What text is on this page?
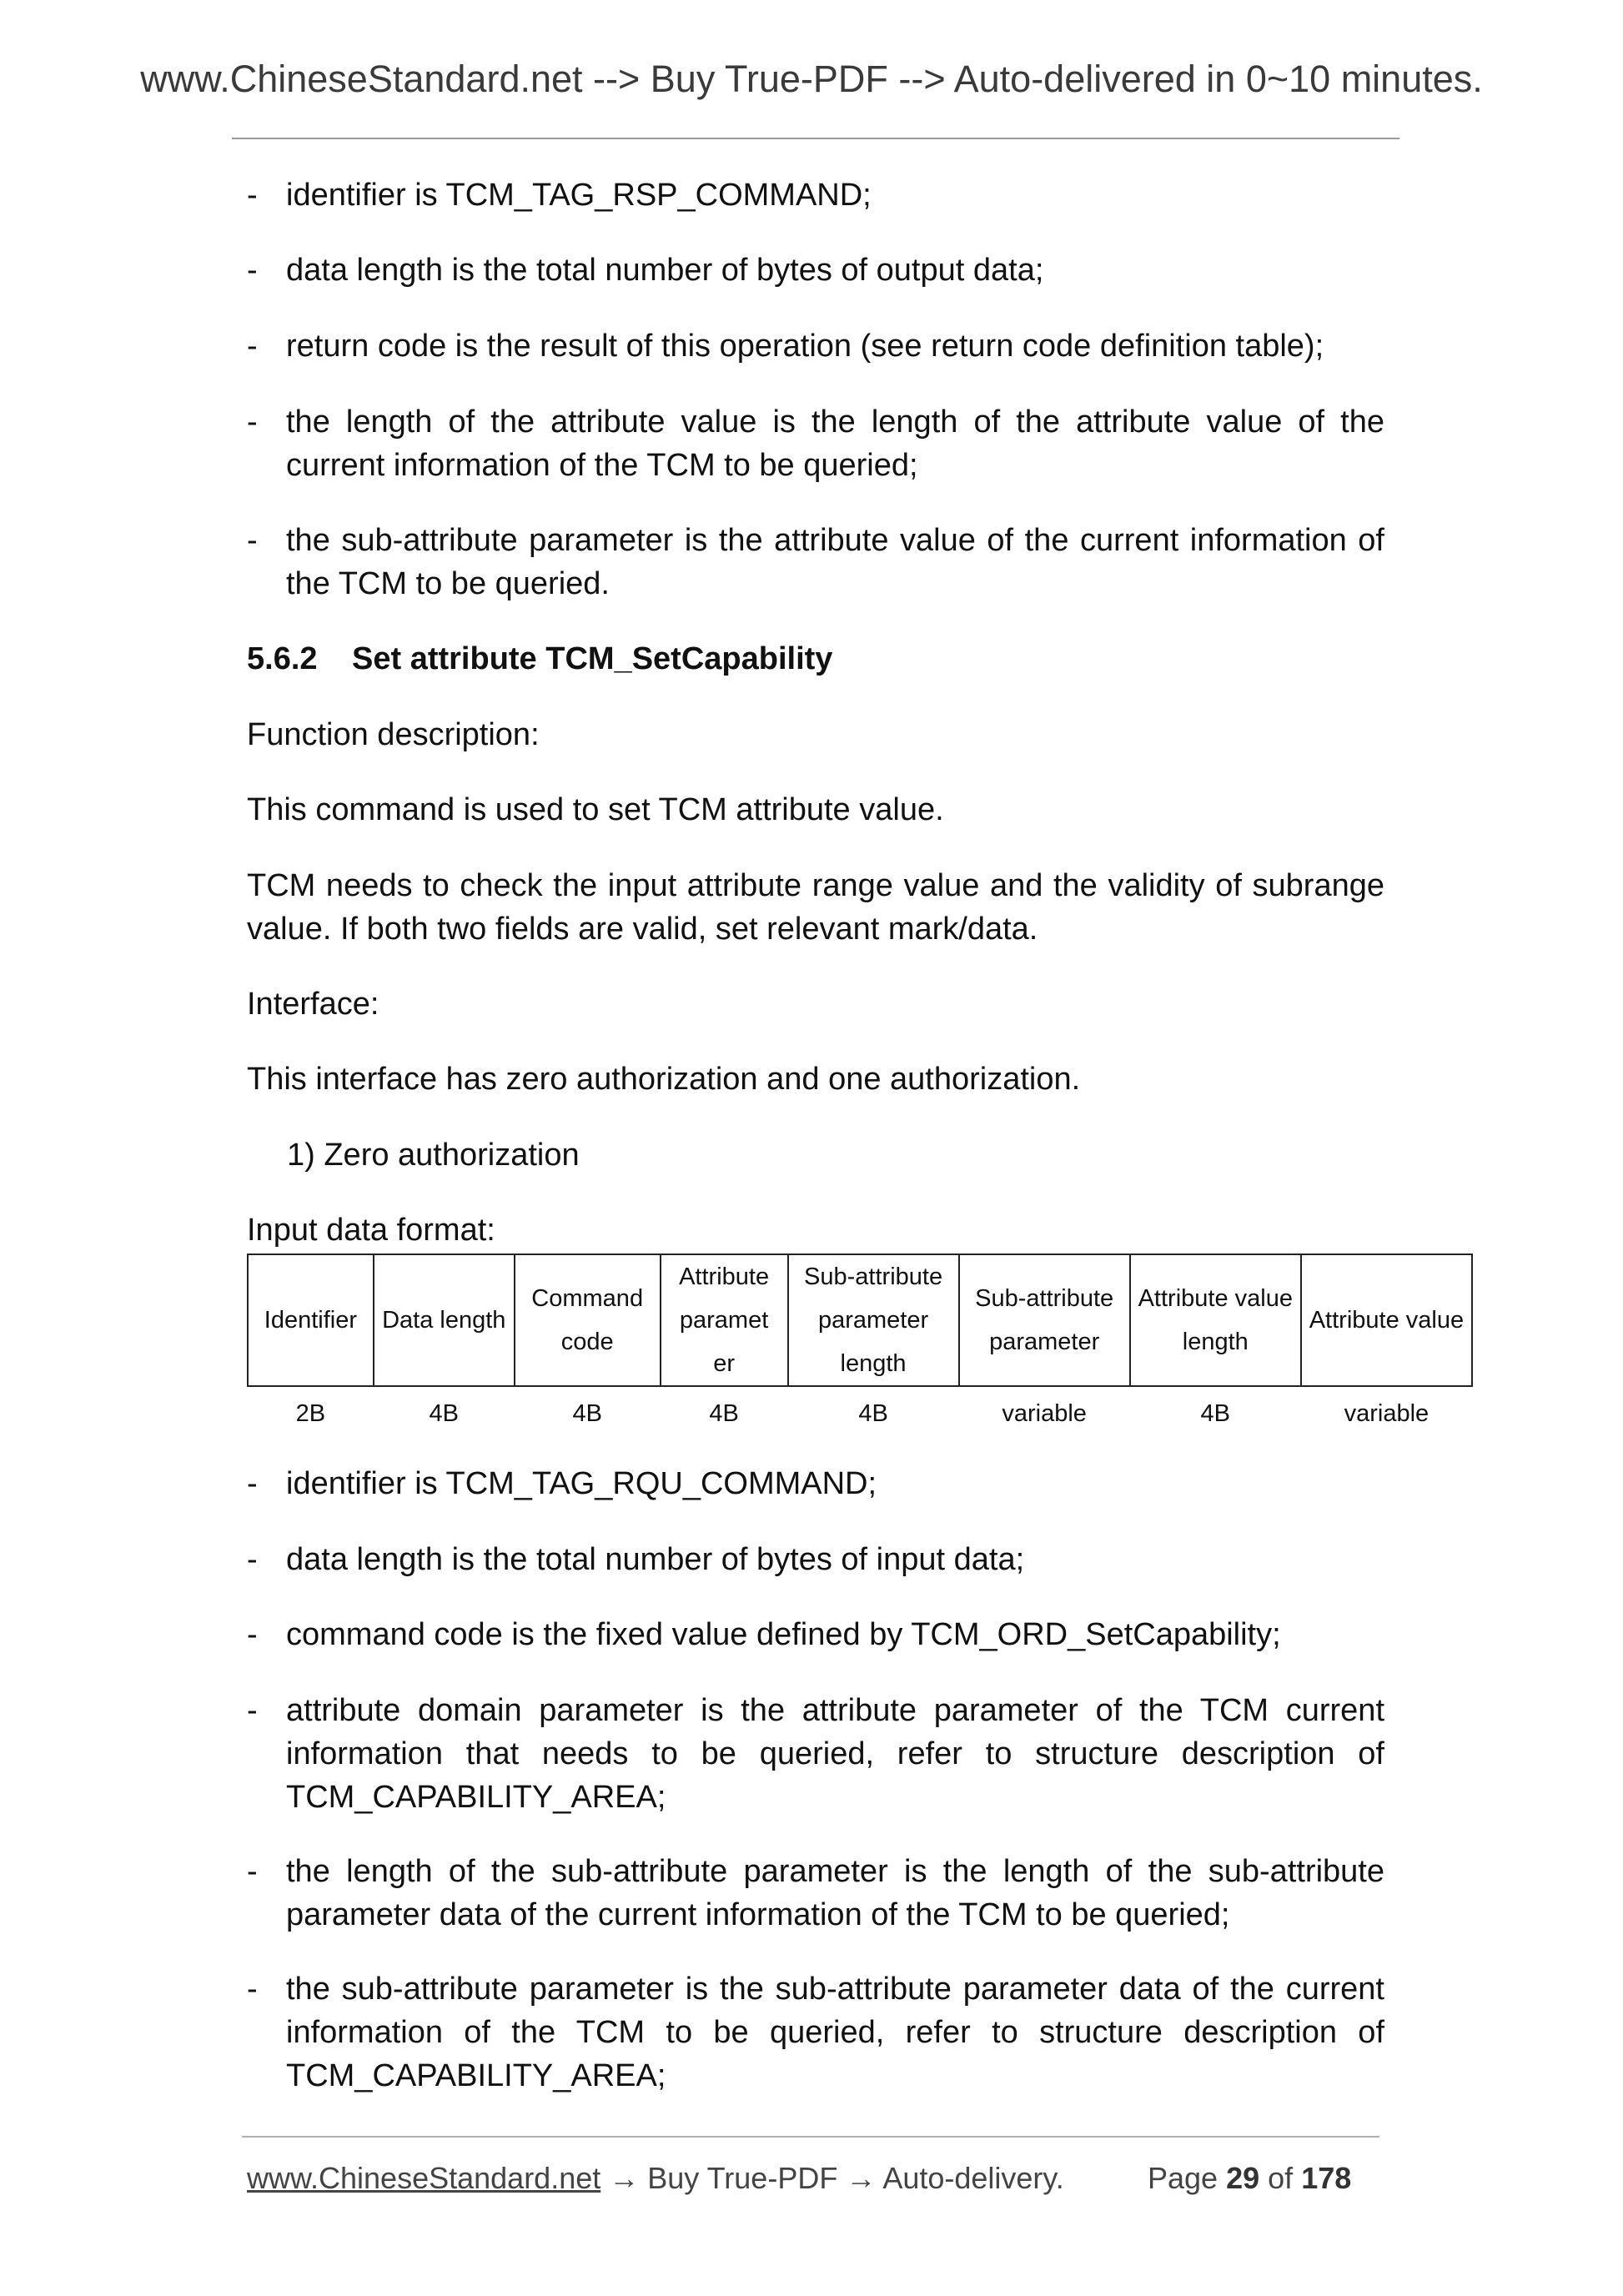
www.ChineseStandard.net --> Buy True-PDF --> Auto-delivered in 0~10 minutes.
- identifier is TCM_TAG_RSP_COMMAND;
- data length is the total number of bytes of output data;
- return code is the result of this operation (see return code definition table);
- the length of the attribute value is the length of the attribute value of the current information of the TCM to be queried;
- the sub-attribute parameter is the attribute value of the current information of the TCM to be queried.
5.6.2 Set attribute TCM_SetCapability
Function description:
This command is used to set TCM attribute value.
TCM needs to check the input attribute range value and the validity of subrange value. If both two fields are valid, set relevant mark/data.
Interface:
This interface has zero authorization and one authorization.
1) Zero authorization
Input data format:
Identifier	Data length	Command code	Attribute paramet er	Sub-attribute parameter length	Sub-attribute parameter	Attribute value length	Attribute value
2B	4B	4B	4B	4B	variable	4B	variable
- identifier is TCM_TAG_RQU_COMMAND;
- data length is the total number of bytes of input data;
- command code is the fixed value defined by TCM_ORD_SetCapability;
- attribute domain parameter is the attribute parameter of the TCM current information that needs to be queried, refer to structure description of TCM_CAPABILITY_AREA;
- the length of the sub-attribute parameter is the length of the sub-attribute parameter data of the current information of the TCM to be queried;
- the sub-attribute parameter is the sub-attribute parameter data of the current information of the TCM to be queried, refer to structure description of TCM_CAPABILITY_AREA;
www.ChineseStandard.net → Buy True-PDF → Auto-delivery.	Page 29 of 178
